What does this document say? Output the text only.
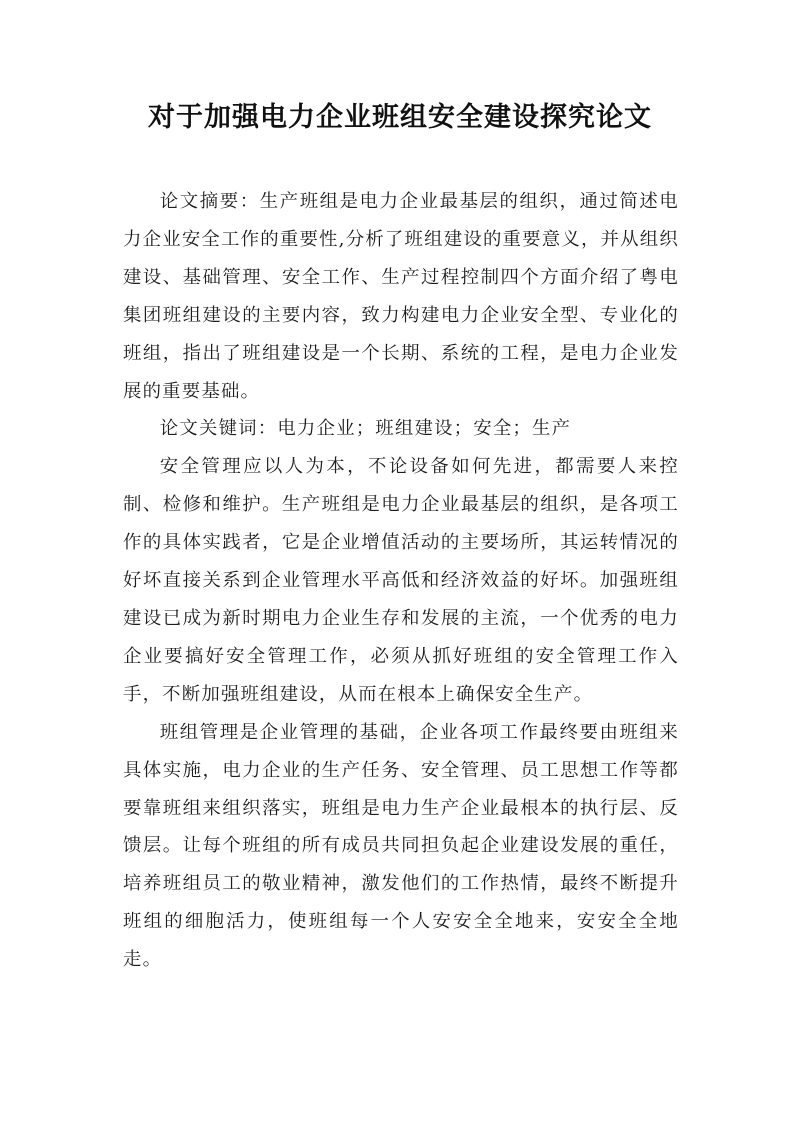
对于加强电力企业班组安全建设探究论文

论文摘要：生产班组是电力企业最基层的组织，通过简述电力企业安全工作的重要性,分析了班组建设的重要意义，并从组织建设、基础管理、安全工作、生产过程控制四个方面介绍了粤电集团班组建设的主要内容，致力构建电力企业安全型、专业化的班组，指出了班组建设是一个长期、系统的工程，是电力企业发展的重要基础。

论文关键词：电力企业；班组建设；安全；生产

安全管理应以人为本，不论设备如何先进，都需要人来控制、检修和维护。生产班组是电力企业最基层的组织，是各项工作的具体实践者，它是企业增值活动的主要场所，其运转情况的好坏直接关系到企业管理水平高低和经济效益的好坏。加强班组建设已成为新时期电力企业生存和发展的主流，一个优秀的电力企业要搞好安全管理工作，必须从抓好班组的安全管理工作入手，不断加强班组建设，从而在根本上确保安全生产。

班组管理是企业管理的基础，企业各项工作最终要由班组来具体实施，电力企业的生产任务、安全管理、员工思想工作等都要靠班组来组织落实，班组是电力生产企业最根本的执行层、反馈层。让每个班组的所有成员共同担负起企业建设发展的重任，培养班组员工的敬业精神，激发他们的工作热情，最终不断提升班组的细胞活力，使班组每一个人安安全全地来，安安全全地走。
